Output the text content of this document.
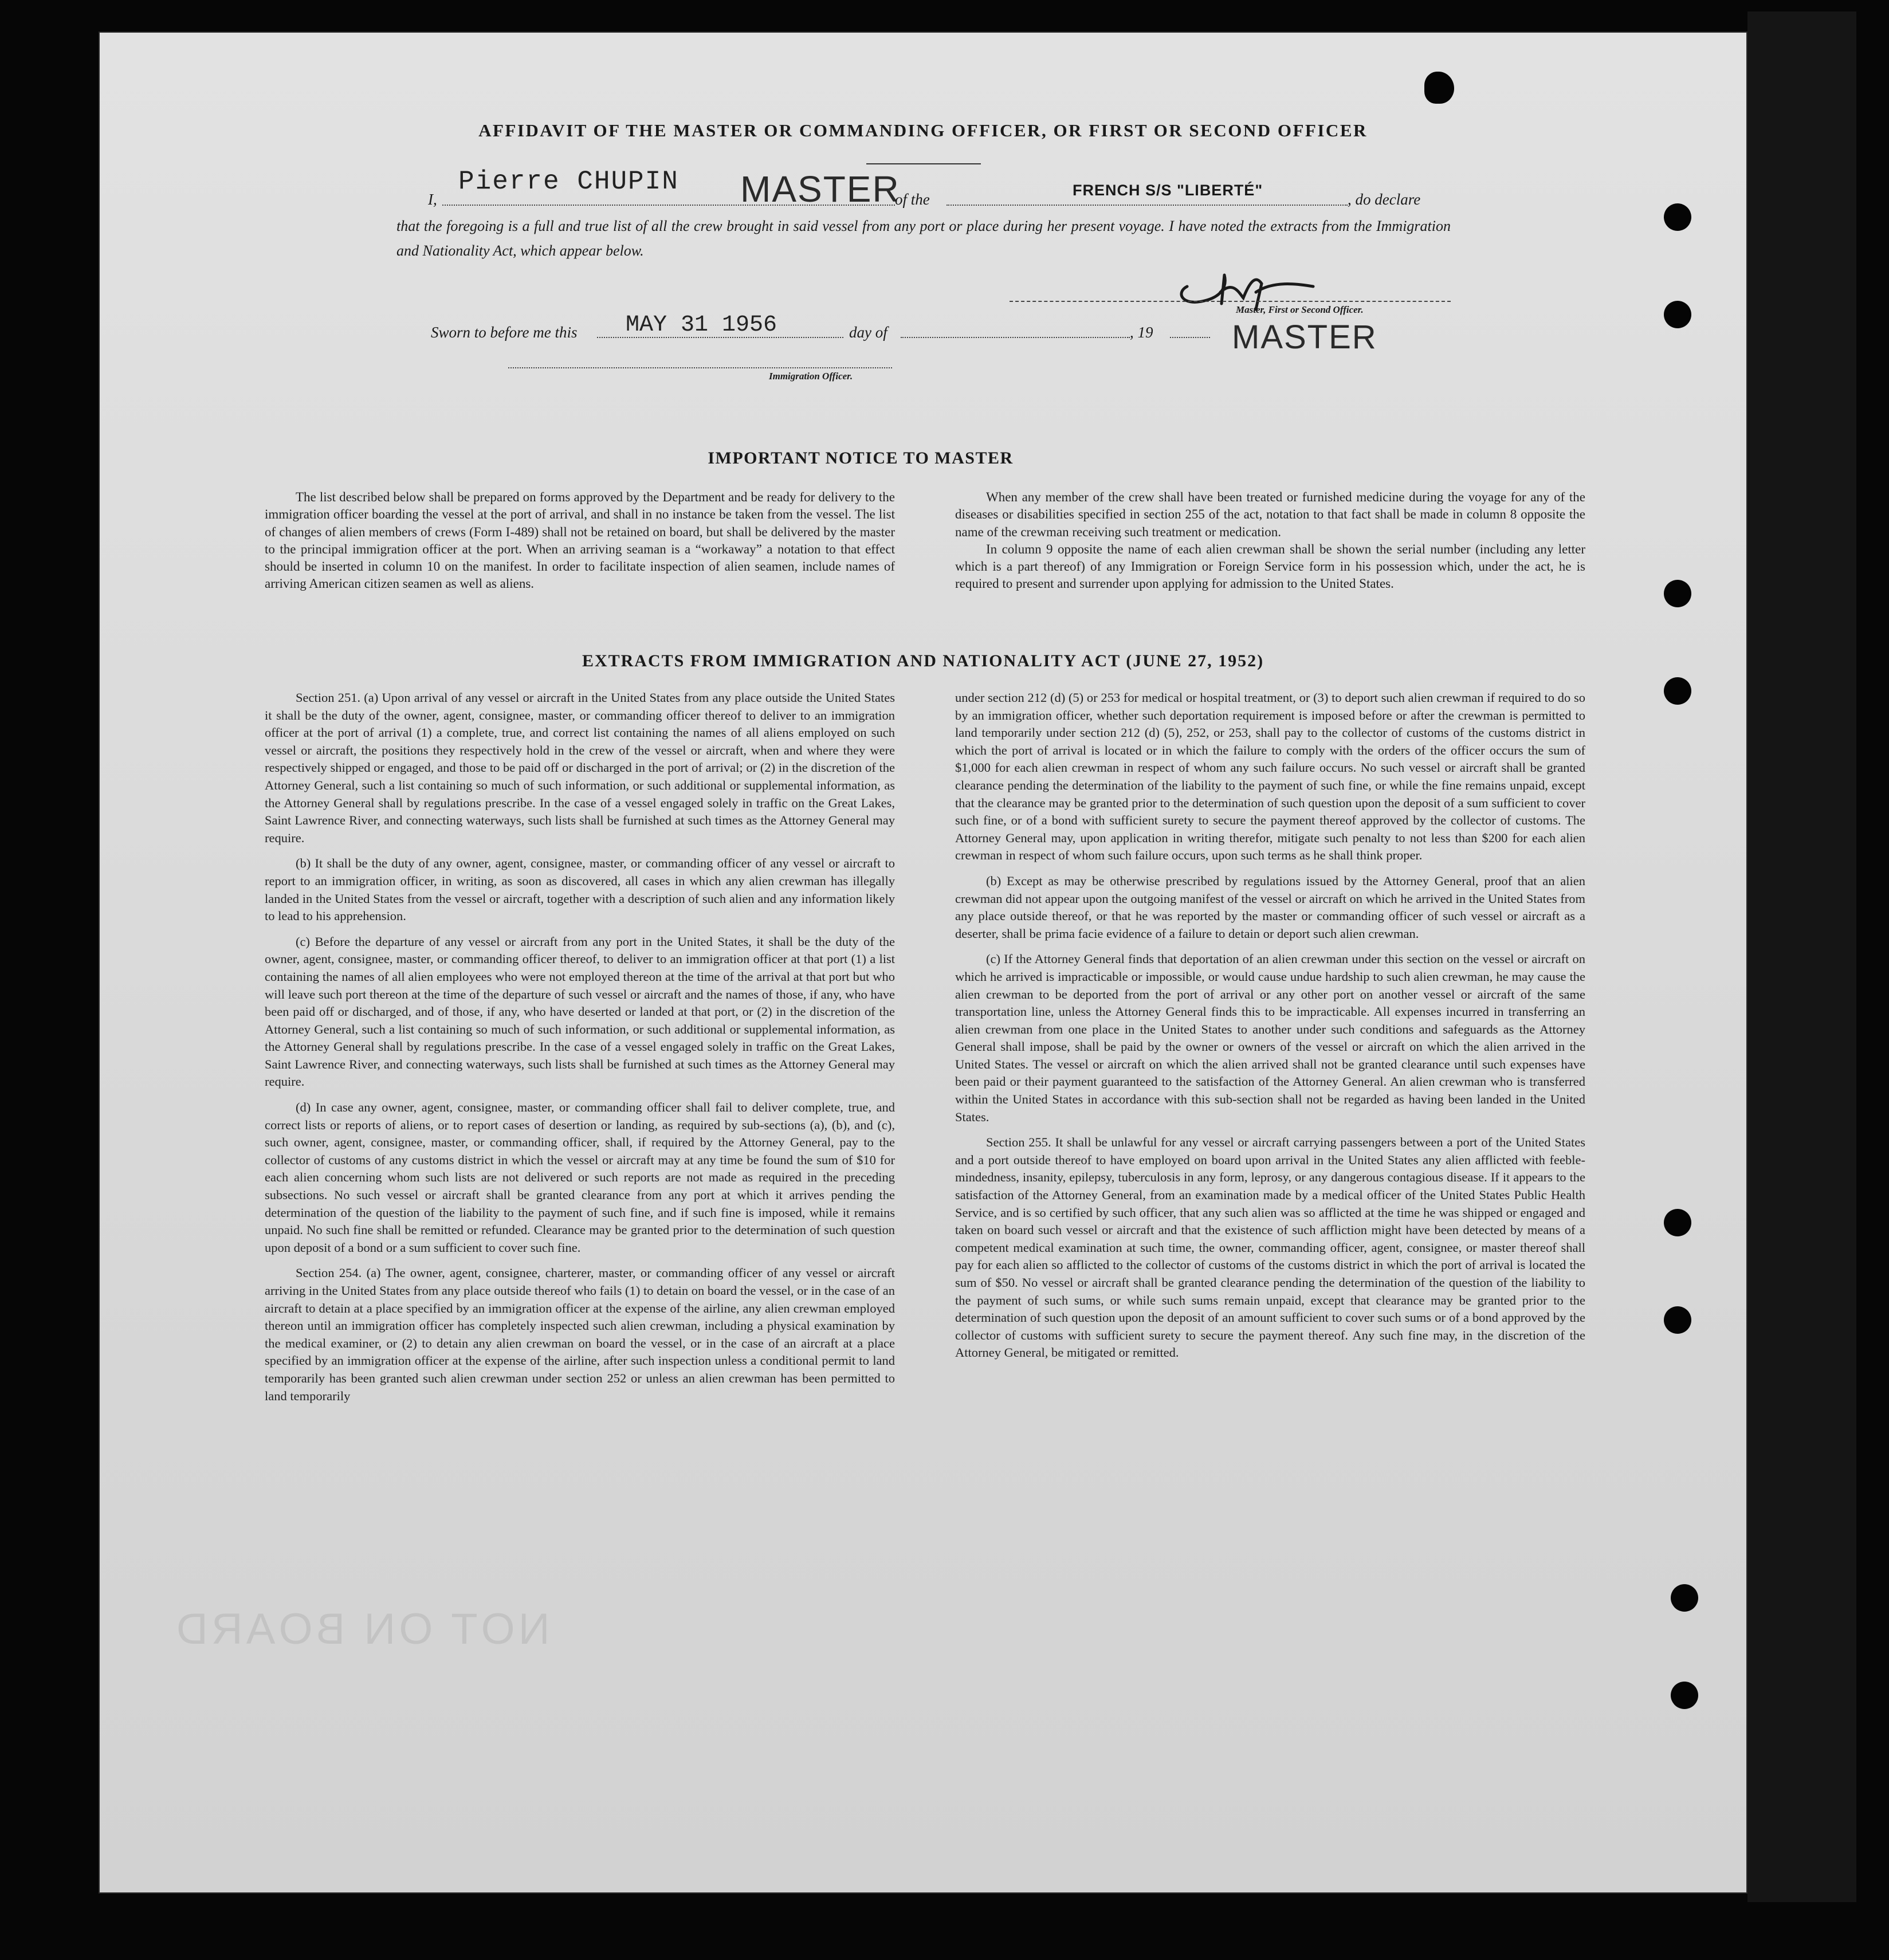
AFFIDAVIT OF THE MASTER OR COMMANDING OFFICER, OR FIRST OR SECOND OFFICER
I,
Pierre CHUPIN MASTER
of the
FRENCH S/S "LIBERTÉ"
, do declare
that the foregoing is a full and true list of all the crew brought in said vessel from any port or place during her present voyage. I have noted the extracts from the Immigration and Nationality Act, which appear below.
Master, First or Second Officer.
Sworn to before me this MAY 31 1956	day of	, 19 MASTER
Immigration Officer.
IMPORTANT NOTICE TO MASTER

The list described below shall be prepared on forms approved by the Department and be ready for delivery to the immigration officer boarding the vessel at the port of arrival, and shall in no instance be taken from the vessel. The list of changes of alien members of crews (Form I-489) shall not be retained on board, but shall be delivered by the master to the principal immigration officer at the port. When an arriving seaman is a “workaway” a notation to that effect should be inserted in column 10 on the manifest. In order to facilitate inspection of alien seamen, include names of arriving American citizen seamen as well as aliens.

When any member of the crew shall have been treated or furnished medicine during the voyage for any of the diseases or disabilities specified in section 255 of the act, notation to that fact shall be made in column 8 opposite the name of the crewman receiving such treatment or medication.

In column 9 opposite the name of each alien crewman shall be shown the serial number (including any letter which is a part thereof) of any Immigration or Foreign Service form in his possession which, under the act, he is required to present and surrender upon applying for admission to the United States.

EXTRACTS FROM IMMIGRATION AND NATIONALITY ACT (JUNE 27, 1952)

Section 251. (a) Upon arrival of any vessel or aircraft in the United States from any place outside the United States it shall be the duty of the owner, agent, consignee, master, or commanding officer thereof to deliver to an immigration officer at the port of arrival (1) a complete, true, and correct list containing the names of all aliens employed on such vessel or aircraft, the positions they respectively hold in the crew of the vessel or aircraft, when and where they were respectively shipped or engaged, and those to be paid off or discharged in the port of arrival; or (2) in the discretion of the Attorney General, such a list containing so much of such information, or such additional or supplemental information, as the Attorney General shall by regulations prescribe. In the case of a vessel engaged solely in traffic on the Great Lakes, Saint Lawrence River, and connecting waterways, such lists shall be furnished at such times as the Attorney General may require.

(b) It shall be the duty of any owner, agent, consignee, master, or commanding officer of any vessel or aircraft to report to an immigration officer, in writing, as soon as discovered, all cases in which any alien crewman has illegally landed in the United States from the vessel or aircraft, together with a description of such alien and any information likely to lead to his apprehension.

(c) Before the departure of any vessel or aircraft from any port in the United States, it shall be the duty of the owner, agent, consignee, master, or commanding officer thereof, to deliver to an immigration officer at that port (1) a list containing the names of all alien employees who were not employed thereon at the time of the arrival at that port but who will leave such port thereon at the time of the departure of such vessel or aircraft and the names of those, if any, who have been paid off or discharged, and of those, if any, who have deserted or landed at that port, or (2) in the discretion of the Attorney General, such a list containing so much of such information, or such additional or supplemental information, as the Attorney General shall by regulations prescribe. In the case of a vessel engaged solely in traffic on the Great Lakes, Saint Lawrence River, and connecting waterways, such lists shall be furnished at such times as the Attorney General may require.

(d) In case any owner, agent, consignee, master, or commanding officer shall fail to deliver complete, true, and correct lists or reports of aliens, or to report cases of desertion or landing, as required by sub-sections (a), (b), and (c), such owner, agent, consignee, master, or commanding officer, shall, if required by the Attorney General, pay to the collector of customs of any customs district in which the vessel or aircraft may at any time be found the sum of $10 for each alien concerning whom such lists are not delivered or such reports are not made as required in the preceding subsections. No such vessel or aircraft shall be granted clearance from any port at which it arrives pending the determination of the question of the liability to the payment of such fine, and if such fine is imposed, while it remains unpaid. No such fine shall be remitted or refunded. Clearance may be granted prior to the determination of such question upon deposit of a bond or a sum sufficient to cover such fine.

Section 254. (a) The owner, agent, consignee, charterer, master, or commanding officer of any vessel or aircraft arriving in the United States from any place outside thereof who fails (1) to detain on board the vessel, or in the case of an aircraft to detain at a place specified by an immigration officer at the expense of the airline, any alien crewman employed thereon until an immigration officer has completely inspected such alien crewman, including a physical examination by the medical examiner, or (2) to detain any alien crewman on board the vessel, or in the case of an aircraft at a place specified by an immigration officer at the expense of the airline, after such inspection unless a conditional permit to land temporarily has been granted such alien crewman under section 252 or unless an alien crewman has been permitted to land temporarily

under section 212 (d) (5) or 253 for medical or hospital treatment, or (3) to deport such alien crewman if required to do so by an immigration officer, whether such deportation requirement is imposed before or after the crewman is permitted to land temporarily under section 212 (d) (5), 252, or 253, shall pay to the collector of customs of the customs district in which the port of arrival is located or in which the failure to comply with the orders of the officer occurs the sum of $1,000 for each alien crewman in respect of whom any such failure occurs. No such vessel or aircraft shall be granted clearance pending the determination of the liability to the payment of such fine, or while the fine remains unpaid, except that the clearance may be granted prior to the determination of such question upon the deposit of a sum sufficient to cover such fine, or of a bond with sufficient surety to secure the payment thereof approved by the collector of customs. The Attorney General may, upon application in writing therefor, mitigate such penalty to not less than $200 for each alien crewman in respect of whom such failure occurs, upon such terms as he shall think proper.

(b) Except as may be otherwise prescribed by regulations issued by the Attorney General, proof that an alien crewman did not appear upon the outgoing manifest of the vessel or aircraft on which he arrived in the United States from any place outside thereof, or that he was reported by the master or commanding officer of such vessel or aircraft as a deserter, shall be prima facie evidence of a failure to detain or deport such alien crewman.

(c) If the Attorney General finds that deportation of an alien crewman under this section on the vessel or aircraft on which he arrived is impracticable or impossible, or would cause undue hardship to such alien crewman, he may cause the alien crewman to be deported from the port of arrival or any other port on another vessel or aircraft of the same transportation line, unless the Attorney General finds this to be impracticable. All expenses incurred in transferring an alien crewman from one place in the United States to another under such conditions and safeguards as the Attorney General shall impose, shall be paid by the owner or owners of the vessel or aircraft on which the alien arrived in the United States. The vessel or aircraft on which the alien arrived shall not be granted clearance until such expenses have been paid or their payment guaranteed to the satisfaction of the Attorney General. An alien crewman who is transferred within the United States in accordance with this sub-section shall not be regarded as having been landed in the United States.

Section 255. It shall be unlawful for any vessel or aircraft carrying passengers between a port of the United States and a port outside thereof to have employed on board upon arrival in the United States any alien afflicted with feeble-mindedness, insanity, epilepsy, tuberculosis in any form, leprosy, or any dangerous contagious disease. If it appears to the satisfaction of the Attorney General, from an examination made by a medical officer of the United States Public Health Service, and is so certified by such officer, that any such alien was so afflicted at the time he was shipped or engaged and taken on board such vessel or aircraft and that the existence of such affliction might have been detected by means of a competent medical examination at such time, the owner, commanding officer, agent, consignee, or master thereof shall pay for each alien so afflicted to the collector of customs of the customs district in which the port of arrival is located the sum of $50. No vessel or aircraft shall be granted clearance pending the determination of the question of the liability to the payment of such sums, or while such sums remain unpaid, except that clearance may be granted prior to the determination of such question upon the deposit of an amount sufficient to cover such sums or of a bond approved by the collector of customs with sufficient surety to secure the payment thereof. Any such fine may, in the discretion of the Attorney General, be mitigated or remitted.

NOT ON BOARD
